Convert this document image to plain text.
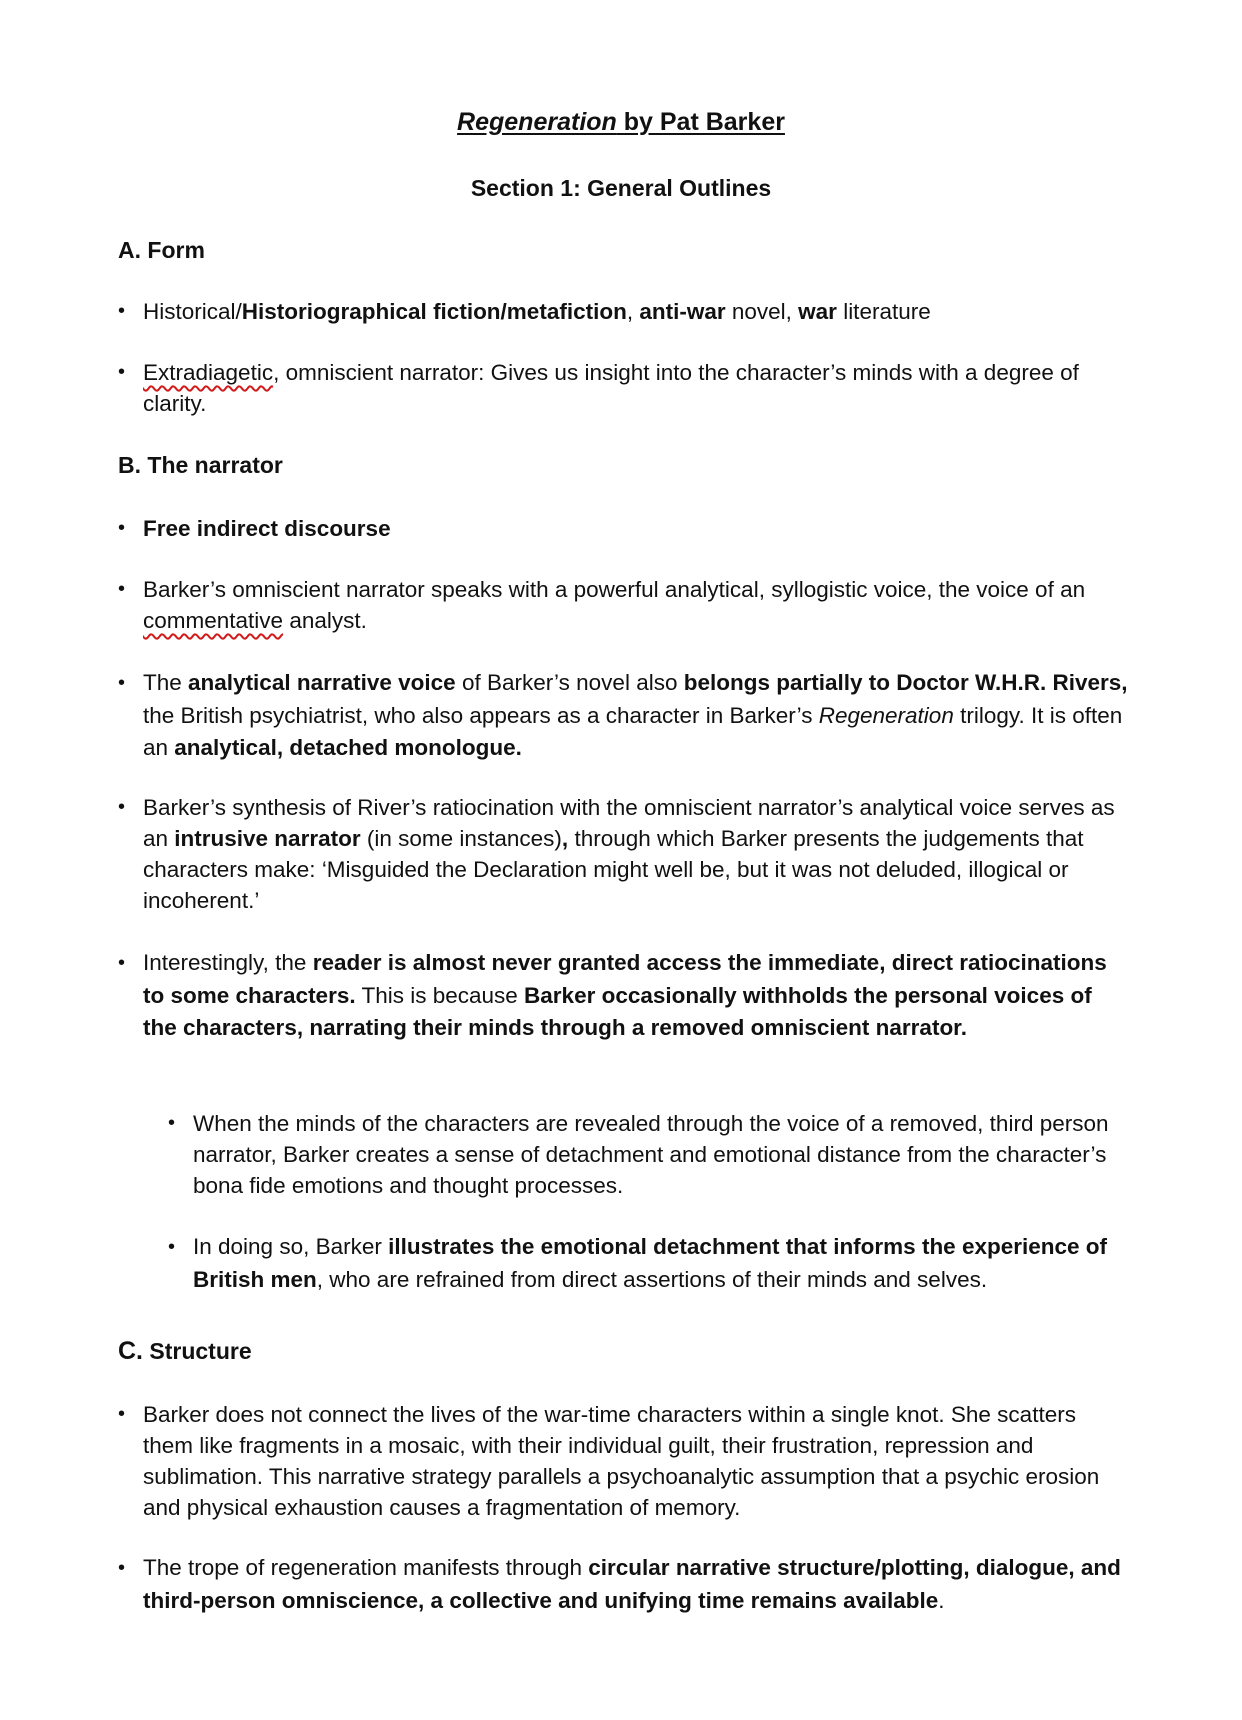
Regeneration by Pat Barker
Section 1: General Outlines
A. Form
• Historical/Historiographical fiction/metafiction, anti-war novel, war literature
• Extradiagetic, omniscient narrator: Gives us insight into the character’s minds with a degree of clarity.
B. The narrator
• Free indirect discourse
• Barker’s omniscient narrator speaks with a powerful analytical, syllogistic voice, the voice of an commentative analyst.
• The analytical narrative voice of Barker’s novel also belongs partially to Doctor W.H.R. Rivers, the British psychiatrist, who also appears as a character in Barker’s Regeneration trilogy. It is often an analytical, detached monologue.
• Barker’s synthesis of River’s ratiocination with the omniscient narrator’s analytical voice serves as an intrusive narrator (in some instances), through which Barker presents the judgements that characters make: ‘Misguided the Declaration might well be, but it was not deluded, illogical or incoherent.’
• Interestingly, the reader is almost never granted access the immediate, direct ratiocinations to some characters. This is because Barker occasionally withholds the personal voices of the characters, narrating their minds through a removed omniscient narrator.
• When the minds of the characters are revealed through the voice of a removed, third person narrator, Barker creates a sense of detachment and emotional distance from the character’s bona fide emotions and thought processes.
• In doing so, Barker illustrates the emotional detachment that informs the experience of British men, who are refrained from direct assertions of their minds and selves.
C. Structure
• Barker does not connect the lives of the war-time characters within a single knot. She scatters them like fragments in a mosaic, with their individual guilt, their frustration, repression and sublimation. This narrative strategy parallels a psychoanalytic assumption that a psychic erosion and physical exhaustion causes a fragmentation of memory.
• The trope of regeneration manifests through circular narrative structure/plotting, dialogue, and third-person omniscience, a collective and unifying time remains available.
